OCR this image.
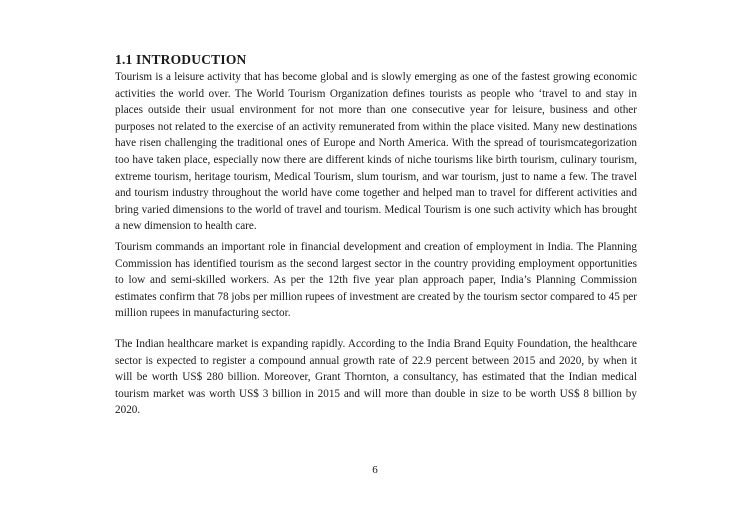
1.1 INTRODUCTION

Tourism is a leisure activity that has become global and is slowly emerging as one of the fastest growing economic activities the world over. The World Tourism Organization defines tourists as people who ‘travel to and stay in places outside their usual environment for not more than one consecutive year for leisure, business and other purposes not related to the exercise of an activity remunerated from within the place visited. Many new destinations have risen challenging the traditional ones of Europe and North America. With the spread of tourismcategorization too have taken place, especially now there are different kinds of niche tourisms like birth tourism, culinary tourism, extreme tourism, heritage tourism, Medical Tourism, slum tourism, and war tourism, just to name a few. The travel and tourism industry throughout the world have come together and helped man to travel for different activities and bring varied dimensions to the world of travel and tourism. Medical Tourism is one such activity which has brought a new dimension to health care.

Tourism commands an important role in financial development and creation of employment in India. The Planning Commission has identified tourism as the second largest sector in the country providing employment opportunities to low and semi-skilled workers. As per the 12th five year plan approach paper, India’s Planning Commission estimates confirm that 78 jobs per million rupees of investment are created by the tourism sector compared to 45 per million rupees in manufacturing sector.

The Indian healthcare market is expanding rapidly. According to the India Brand Equity Foundation, the healthcare sector is expected to register a compound annual growth rate of 22.9 percent between 2015 and 2020, by when it will be worth US$ 280 billion. Moreover, Grant Thornton, a consultancy, has estimated that the Indian medical tourism market was worth US$ 3 billion in 2015 and will more than double in size to be worth US$ 8 billion by 2020.

6
